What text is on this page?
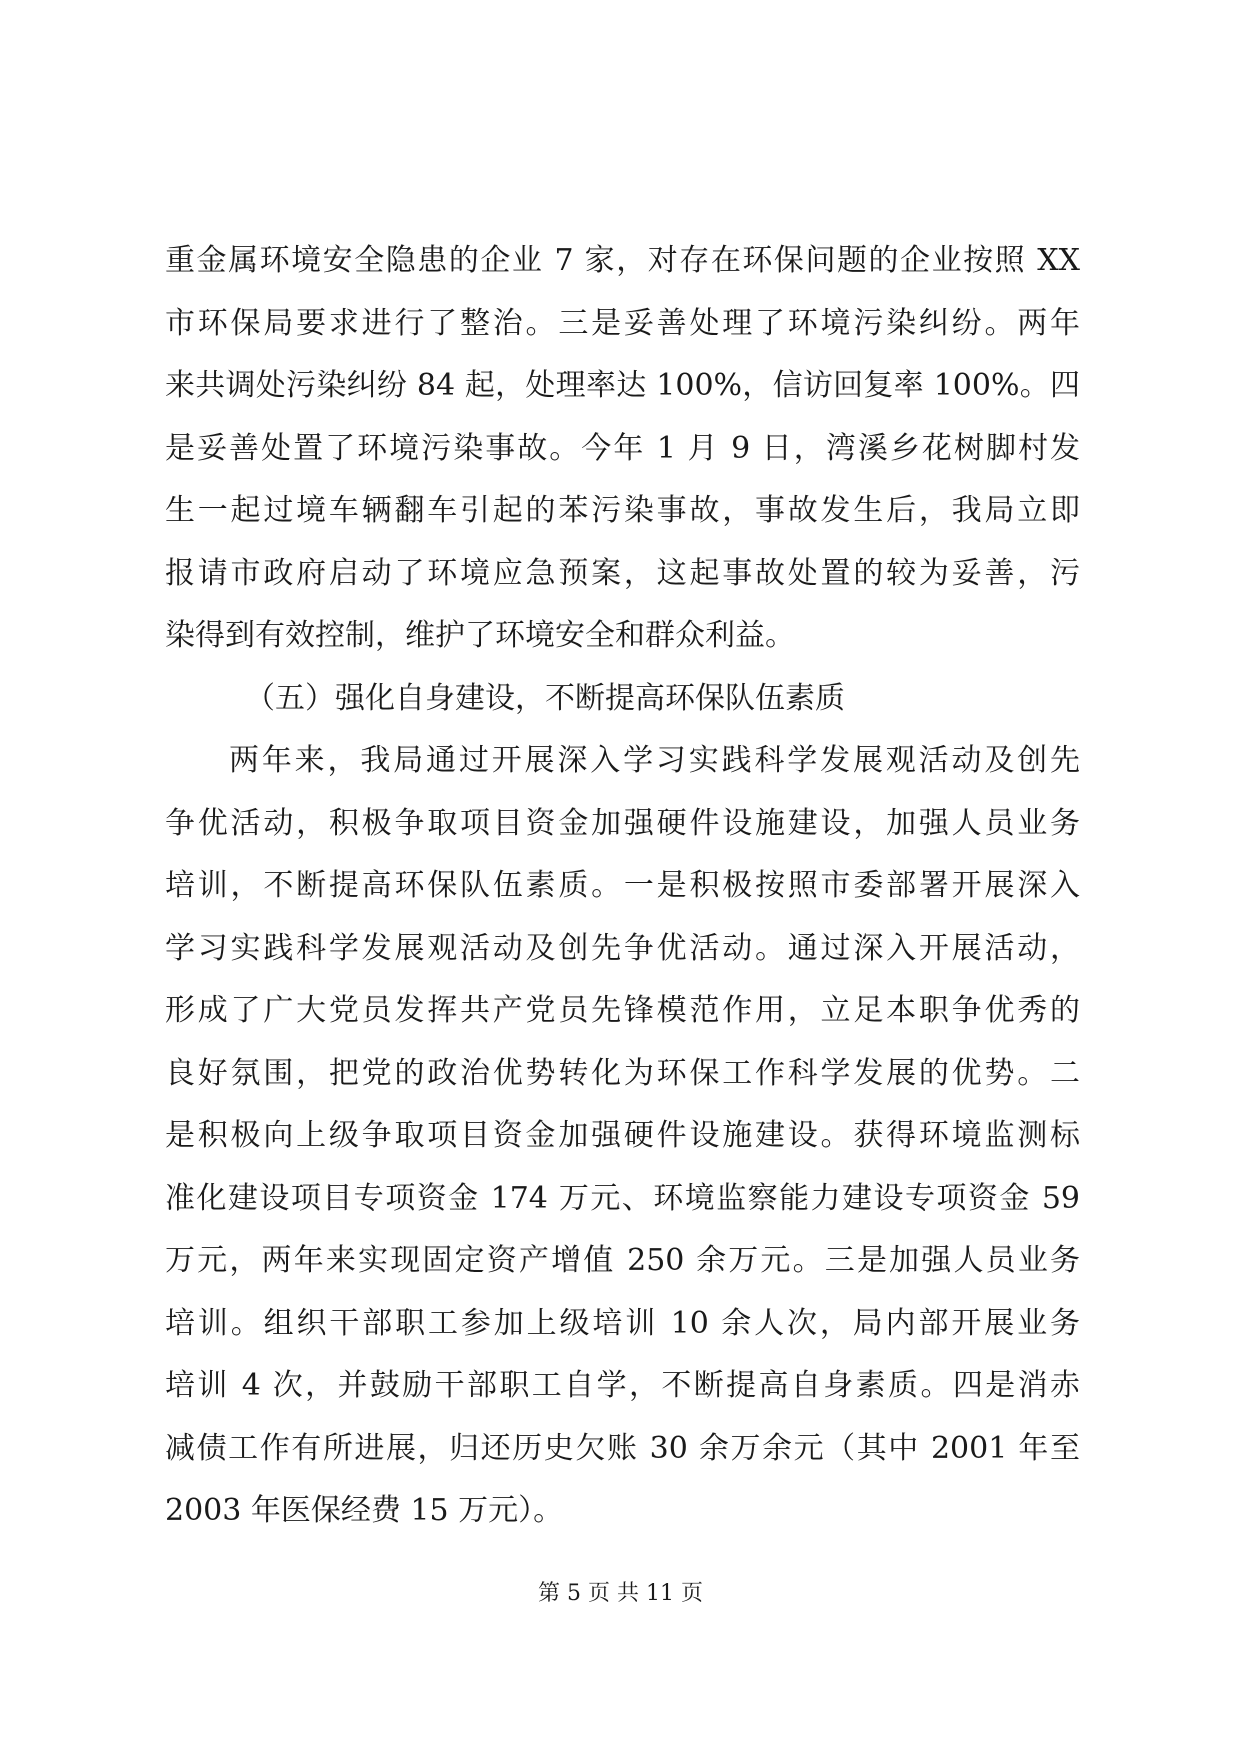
重金属环境安全隐患的企业 7 家，对存在环保问题的企业按照 XX
市环保局要求进行了整治。三是妥善处理了环境污染纠纷。两年
来共调处污染纠纷 84 起，处理率达 100%，信访回复率 100%。四
是妥善处置了环境污染事故。今年 1 月 9 日，湾溪乡花树脚村发
生一起过境车辆翻车引起的苯污染事故，事故发生后，我局立即
报请市政府启动了环境应急预案，这起事故处置的较为妥善，污
染得到有效控制，维护了环境安全和群众利益。
（五）强化自身建设，不断提高环保队伍素质
两年来，我局通过开展深入学习实践科学发展观活动及创先
争优活动，积极争取项目资金加强硬件设施建设，加强人员业务
培训，不断提高环保队伍素质。一是积极按照市委部署开展深入
学习实践科学发展观活动及创先争优活动。通过深入开展活动，
形成了广大党员发挥共产党员先锋模范作用，立足本职争优秀的
良好氛围，把党的政治优势转化为环保工作科学发展的优势。二
是积极向上级争取项目资金加强硬件设施建设。获得环境监测标
准化建设项目专项资金 174 万元、环境监察能力建设专项资金 59
万元，两年来实现固定资产增值 250 余万元。三是加强人员业务
培训。组织干部职工参加上级培训 10 余人次，局内部开展业务
培训 4 次，并鼓励干部职工自学，不断提高自身素质。四是消赤
减债工作有所进展，归还历史欠账 30 余万余元（其中 2001 年至
2003 年医保经费 15 万元）。
第 5 页 共 11 页
